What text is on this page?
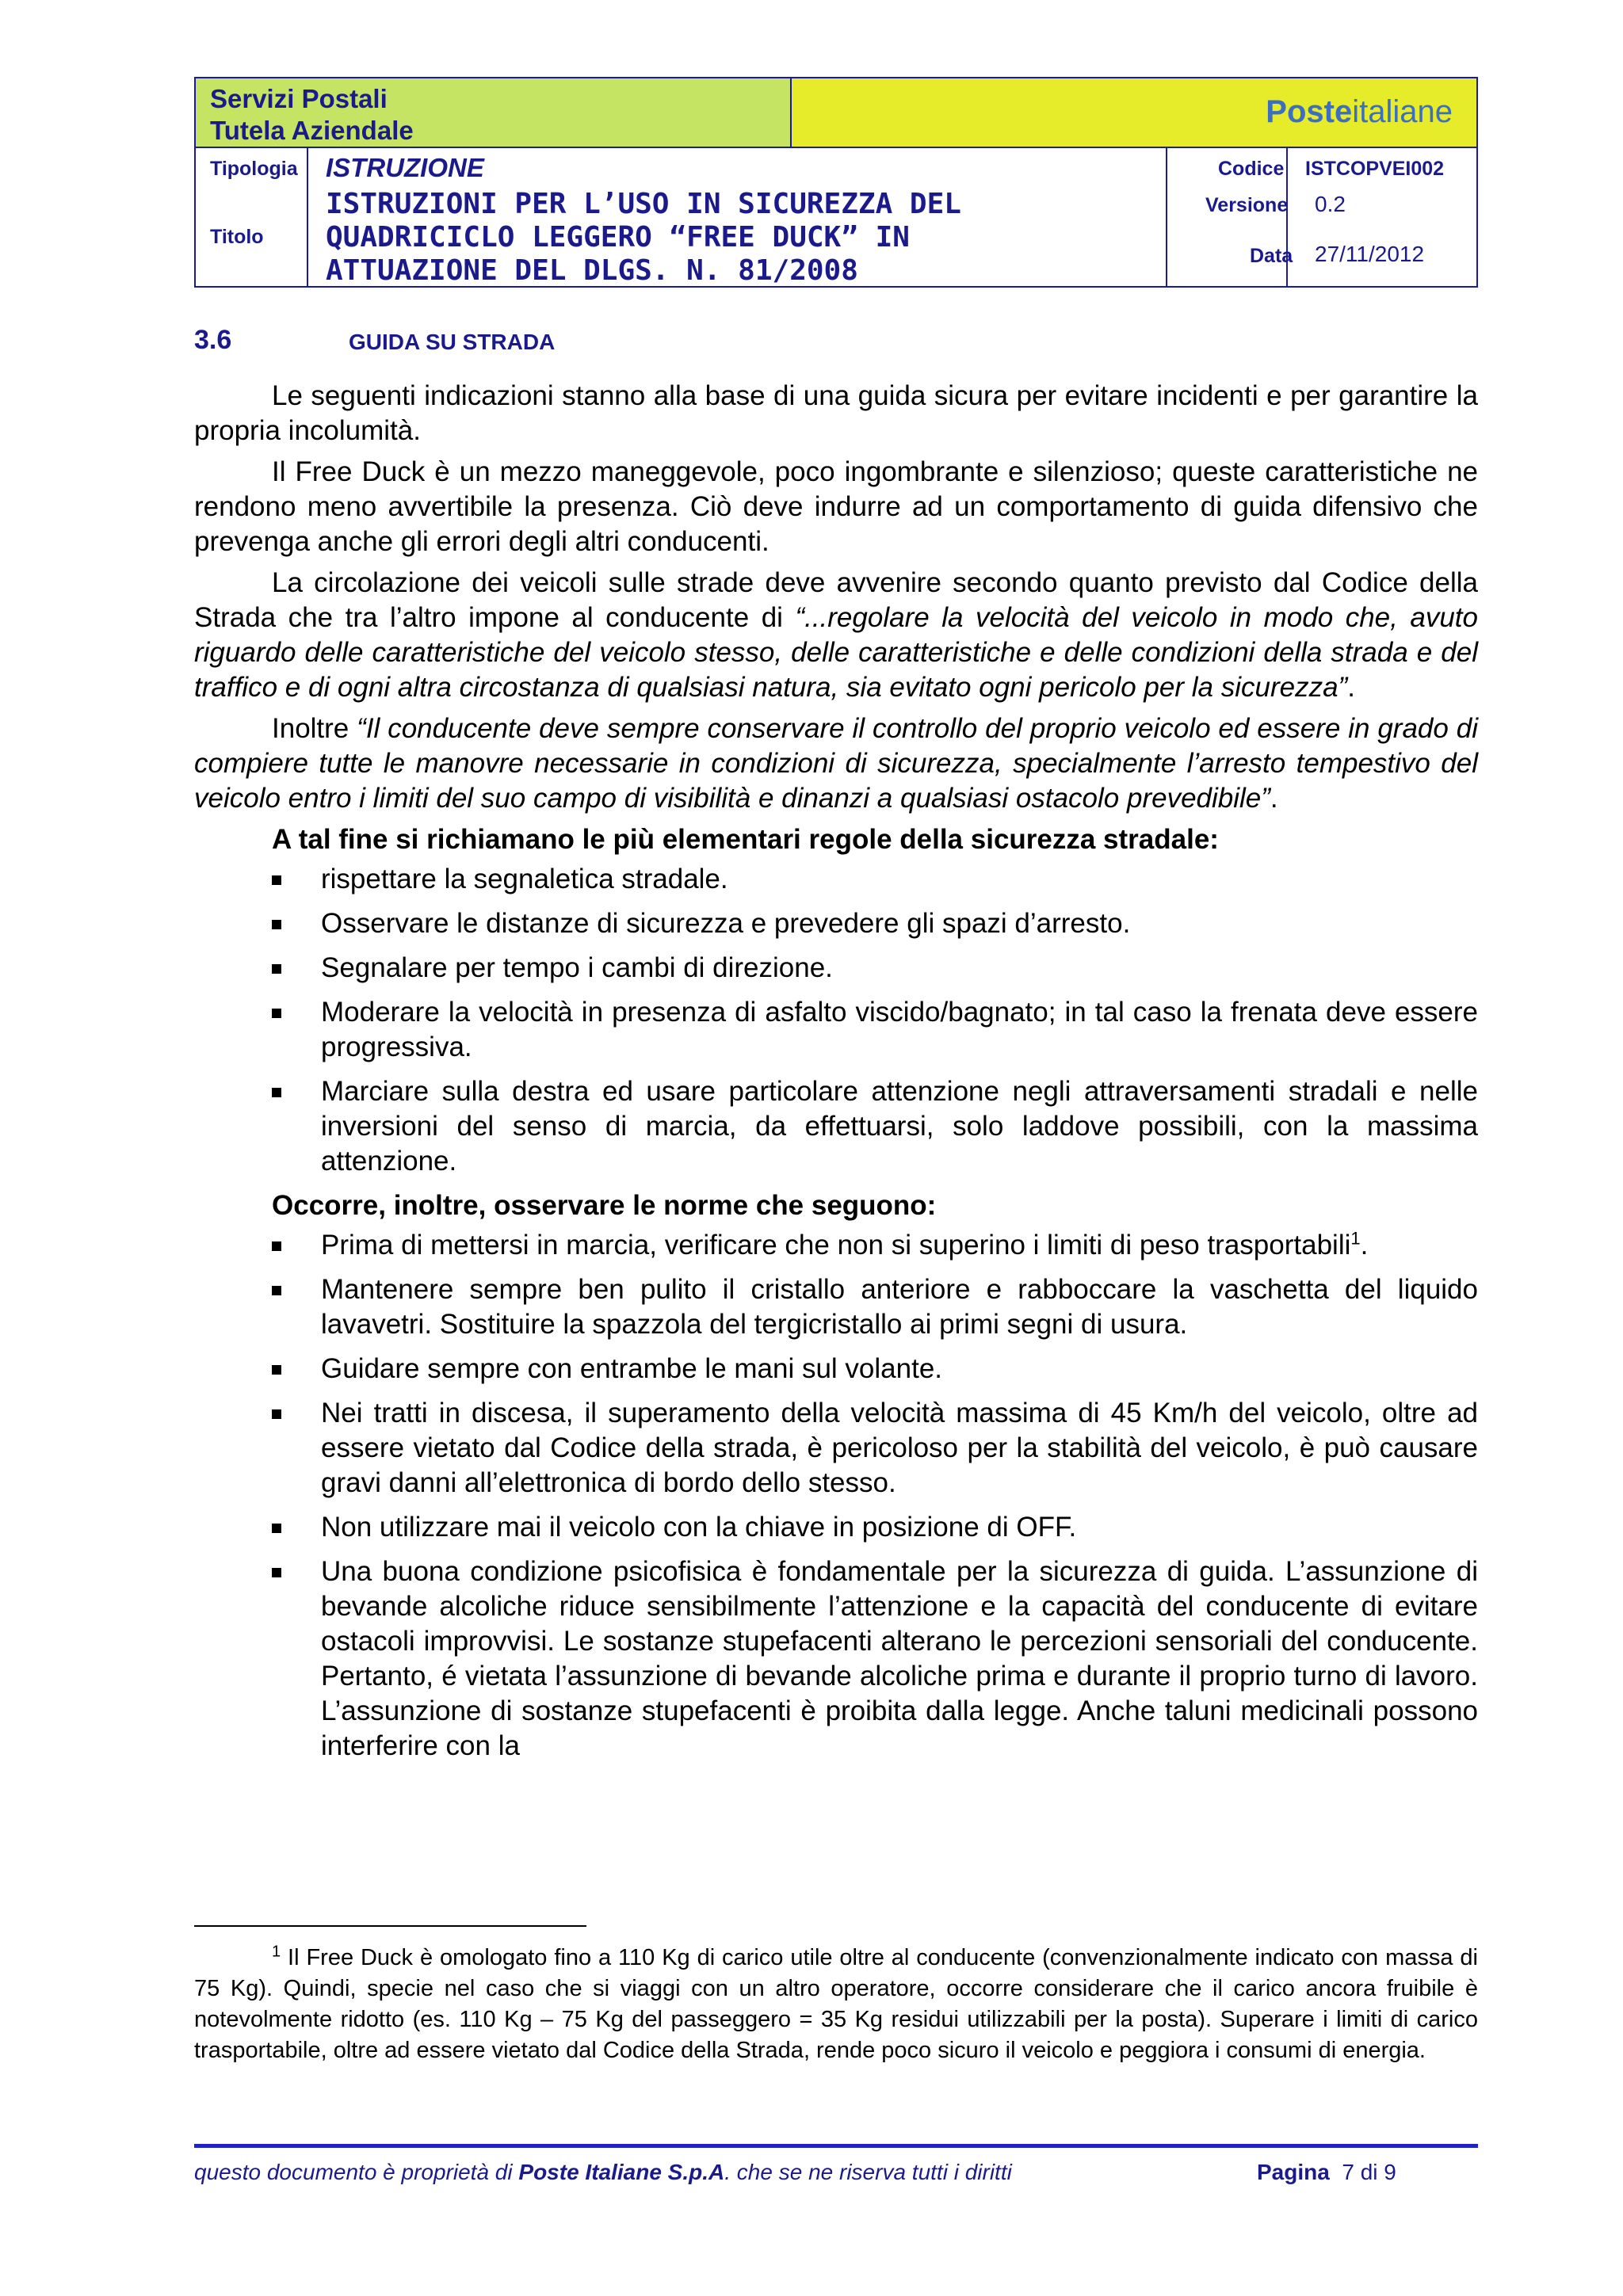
Servizi Postali
Tutela Aziendale
Posteitaliane
Tipologia ISTRUZIONE
Titolo
ISTRUZIONI PER L’USO IN SICUREZZA DEL
QUADRICICLO LEGGERO “FREE DUCK” IN
ATTUAZIONE DEL DLGS. N. 81/2008
Codice ISTCOPVEI002
Versione 0.2
Data 27/11/2012
3.6	GUIDA SU STRADA

Le seguenti indicazioni stanno alla base di una guida sicura per evitare incidenti e per garantire la propria incolumità.

Il Free Duck è un mezzo maneggevole, poco ingombrante e silenzioso; queste caratteristiche ne rendono meno avvertibile la presenza. Ciò deve indurre ad un comportamento di guida difensivo che prevenga anche gli errori degli altri conducenti.

La circolazione dei veicoli sulle strade deve avvenire secondo quanto previsto dal Codice della Strada che tra l’altro impone al conducente di “...regolare la velocità del veicolo in modo che, avuto riguardo delle caratteristiche del veicolo stesso, delle caratteristiche e delle condizioni della strada e del traffico e di ogni altra circostanza di qualsiasi natura, sia evitato ogni pericolo per la sicurezza”.

Inoltre “Il conducente deve sempre conservare il controllo del proprio veicolo ed essere in grado di compiere tutte le manovre necessarie in condizioni di sicurezza, specialmente l’arresto tempestivo del veicolo entro i limiti del suo campo di visibilità e dinanzi a qualsiasi ostacolo prevedibile”.

A tal fine si richiamano le più elementari regole della sicurezza stradale:
rispettare la segnaletica stradale.
Osservare le distanze di sicurezza e prevedere gli spazi d’arresto.
Segnalare per tempo i cambi di direzione.
Moderare la velocità in presenza di asfalto viscido/bagnato; in tal caso la frenata deve essere progressiva.
Marciare sulla destra ed usare particolare attenzione negli attraversamenti stradali e nelle inversioni del senso di marcia, da effettuarsi, solo laddove possibili, con la massima attenzione.
Occorre, inoltre, osservare le norme che seguono:
Prima di mettersi in marcia, verificare che non si superino i limiti di peso trasportabili$^1$.
Mantenere sempre ben pulito il cristallo anteriore e rabboccare la vaschetta del liquido lavavetri. Sostituire la spazzola del tergicristallo ai primi segni di usura.
Guidare sempre con entrambe le mani sul volante.
Nei tratti in discesa, il superamento della velocità massima di 45 Km/h del veicolo, oltre ad essere vietato dal Codice della strada, è pericoloso per la stabilità del veicolo, è può causare gravi danni all’elettronica di bordo dello stesso.
Non utilizzare mai il veicolo con la chiave in posizione di OFF.
Una buona condizione psicofisica è fondamentale per la sicurezza di guida. L’assunzione di bevande alcoliche riduce sensibilmente l’attenzione e la capacità del conducente di evitare ostacoli improvvisi. Le sostanze stupefacenti alterano le percezioni sensoriali del conducente. Pertanto, é vietata l’assunzione di bevande alcoliche prima e durante il proprio turno di lavoro. L’assunzione di sostanze stupefacenti è proibita dalla legge. Anche taluni medicinali possono interferire con la
$^1$ Il Free Duck è omologato fino a 110 Kg di carico utile oltre al conducente (convenzionalmente indicato con massa di 75 Kg). Quindi, specie nel caso che si viaggi con un altro operatore, occorre considerare che il carico ancora fruibile è notevolmente ridotto (es. 110 Kg – 75 Kg del passeggero = 35 Kg residui utilizzabili per la posta). Superare i limiti di carico trasportabile, oltre ad essere vietato dal Codice della Strada, rende poco sicuro il veicolo e peggiora i consumi di energia.
questo documento è proprietà di Poste Italiane S.p.A. che se ne riserva tutti i diritti	Pagina 7 di 9
